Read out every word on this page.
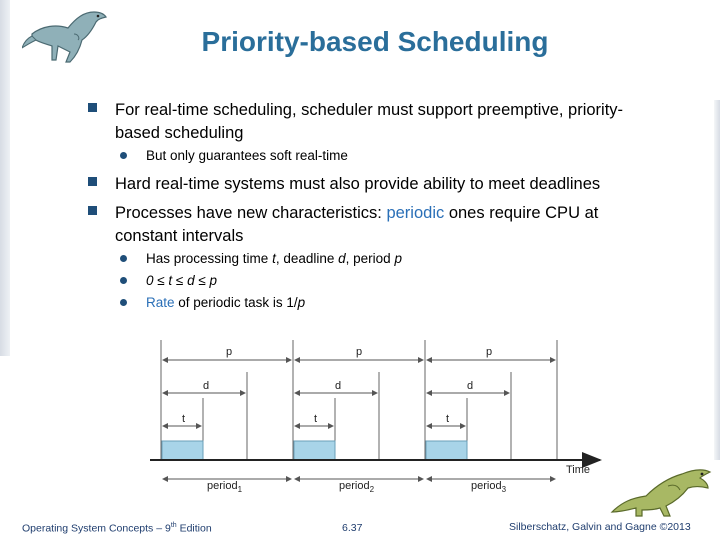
Priority-based Scheduling
For real-time scheduling, scheduler must support preemptive, priority-
based scheduling
But only guarantees soft real-time
Hard real-time systems must also provide ability to meet deadlines
Processes have new characteristics: periodic ones require CPU at
constant intervals
Has processing time t, deadline d, period p
0 ≤ t ≤ d ≤ p
Rate of periodic task is 1/p
p	p	p
d	d	d
t	t	t
Time
period$_1$	period$_2$	period$_3$
Operating System Concepts – 9th Edition	6.37	Silberschatz, Galvin and Gagne ©2013
